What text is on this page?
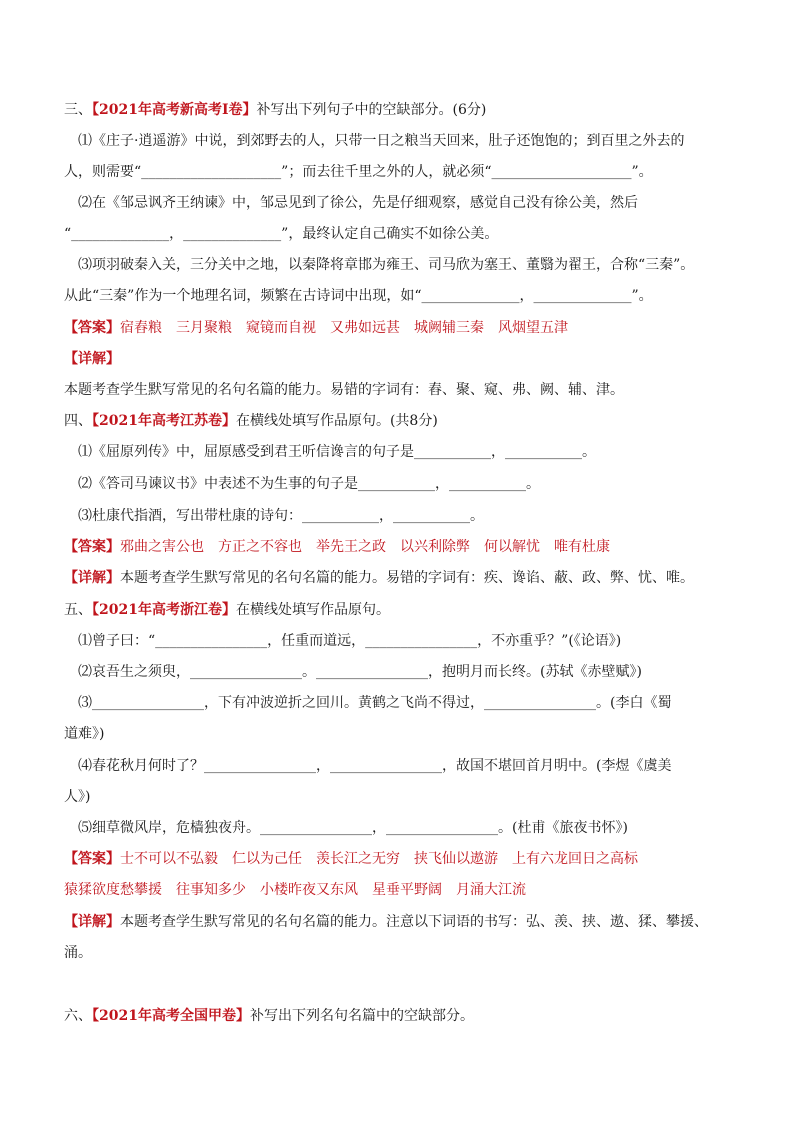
三、【2021年高考新高考Ⅰ卷】补写出下列句子中的空缺部分。(6分)
⑴《庄子·逍遥游》中说，到郊野去的人，只带一日之粮当天回来，肚子还饱饱的；到百里之外去的
人，则需要“____________________”；而去往千里之外的人，就必须“____________________”。
⑵在《邹忌讽齐王纳谏》中，邹忌见到了徐公，先是仔细观察，感觉自己没有徐公美，然后
“______________，______________”，最终认定自己确实不如徐公美。
⑶项羽破秦入关，三分关中之地，以秦降将章邯为雍王、司马欣为塞王、董翳为翟王，合称“三秦”。
从此“三秦”作为一个地理名词，频繁在古诗词中出现，如“______________，______________”。
【答案】宿舂粮 三月聚粮 窥镜而自视 又弗如远甚 城阙辅三秦 风烟望五津
【详解】
本题考查学生默写常见的名句名篇的能力。易错的字词有：舂、聚、窥、弗、阙、辅、津。
四、【2021年高考江苏卷】在横线处填写作品原句。(共8分)
⑴《屈原列传》中，屈原感受到君王听信谗言的句子是___________，___________。
⑵《答司马谏议书》中表述不为生事的句子是___________，___________。
⑶杜康代指酒，写出带杜康的诗句：___________，___________。
【答案】邪曲之害公也 方正之不容也 举先王之政 以兴利除弊 何以解忧 唯有杜康
【详解】本题考查学生默写常见的名句名篇的能力。易错的字词有：疾、谗谄、蔽、政、弊、忧、唯。
五、【2021年高考浙江卷】在横线处填写作品原句。
⑴曾子曰：“________________，任重而道远，________________，不亦重乎？”(《论语》)
⑵哀吾生之须臾，________________。________________，抱明月而长终。(苏轼《赤壁赋》)
⑶________________，下有冲波逆折之回川。黄鹤之飞尚不得过，________________。(李白《蜀
道难》)
⑷春花秋月何时了？________________，________________，故国不堪回首月明中。(李煜《虞美
人》)
⑸细草微风岸，危樯独夜舟。________________，________________。(杜甫《旅夜书怀》)
【答案】士不可以不弘毅 仁以为己任 羡长江之无穷 挟飞仙以遨游 上有六龙回日之高标
猿猱欲度愁攀援 往事知多少 小楼昨夜又东风 星垂平野阔 月涌大江流
【详解】本题考查学生默写常见的名句名篇的能力。注意以下词语的书写：弘、羡、挟、遨、猱、攀援、
涌。
六、【2021年高考全国甲卷】补写出下列名句名篇中的空缺部分。
